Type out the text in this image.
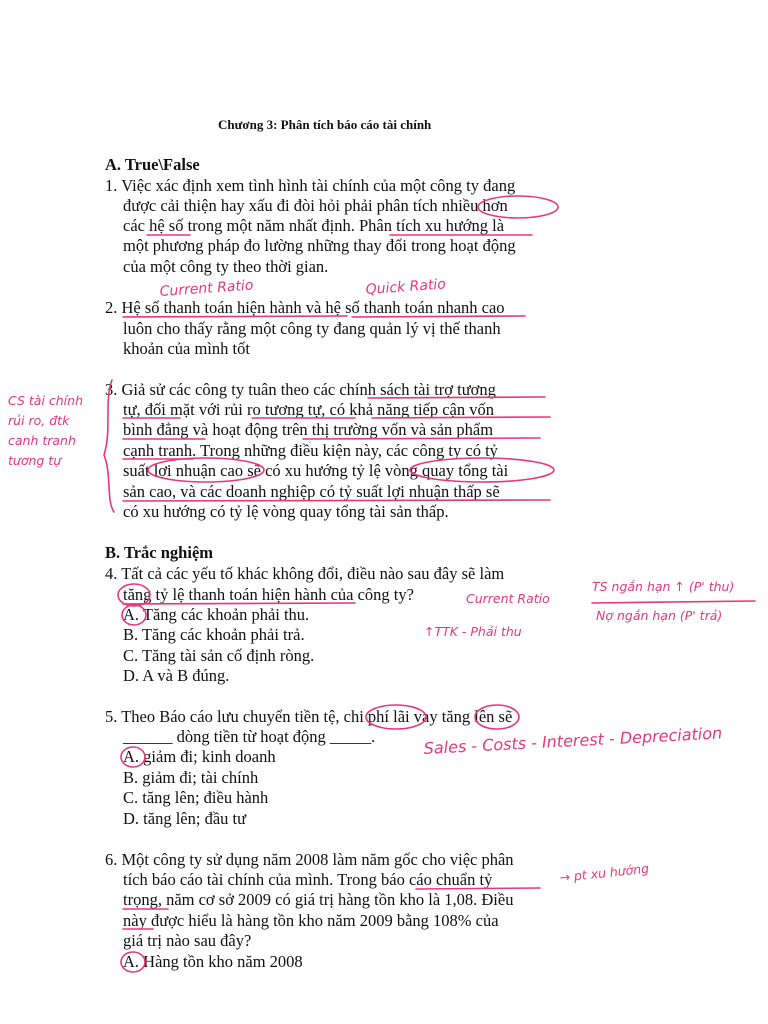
Chương 3: Phân tích báo cáo tài chính
A. True\False
1. Việc xác định xem tình hình tài chính của một công ty đang
được cải thiện hay xấu đi đòi hỏi phải phân tích nhiều hơn
các hệ số trong một năm nhất định. Phân tích xu hướng là
một phương pháp đo lường những thay đổi trong hoạt động
của một công ty theo thời gian.
2. Hệ số thanh toán hiện hành và hệ số thanh toán nhanh cao
luôn cho thấy rằng một công ty đang quản lý vị thế thanh
khoản của mình tốt
3. Giả sử các công ty tuân theo các chính sách tài trợ tương
tự, đối mặt với rủi ro tương tự, có khả năng tiếp cận vốn
bình đẳng và hoạt động trên thị trường vốn và sản phẩm
cạnh tranh. Trong những điều kiện này, các công ty có tỷ
suất lợi nhuận cao sẽ có xu hướng tỷ lệ vòng quay tổng tài
sản cao, và các doanh nghiệp có tỷ suất lợi nhuận thấp sẽ
có xu hướng có tỷ lệ vòng quay tổng tài sản thấp.
B. Trắc nghiệm
4. Tất cả các yếu tố khác không đổi, điều nào sau đây sẽ làm
tăng tỷ lệ thanh toán hiện hành của công ty?
A. Tăng các khoản phải thu.
B. Tăng các khoản phải trả.
C. Tăng tài sản cố định ròng.
D. A và B đúng.
5. Theo Báo cáo lưu chuyển tiền tệ, chi phí lãi vay tăng lên sẽ
______ dòng tiền từ hoạt động _____.
A. giảm đi; kinh doanh
B. giảm đi; tài chính
C. tăng lên; điều hành
D. tăng lên; đầu tư
6. Một công ty sử dụng năm 2008 làm năm gốc cho việc phân
tích báo cáo tài chính của mình. Trong báo cáo chuẩn tỷ
trọng, năm cơ sở 2009 có giá trị hàng tồn kho là 1,08. Điều
này được hiểu là hàng tồn kho năm 2009 bằng 108% của
giá trị nào sau đây?
A. Hàng tồn kho năm 2008
Current Ratio	Quick Ratio
CS tài chính
rủi ro, đtk
canh tranh
tương tự
Current Ratio
TS ngắn hạn ↑ (P' thu)
Nợ ngắn hạn (P' trả)
↑TTK - Phải thu
Sales - Costs - Interest - Depreciation
→ pt xu hướng
